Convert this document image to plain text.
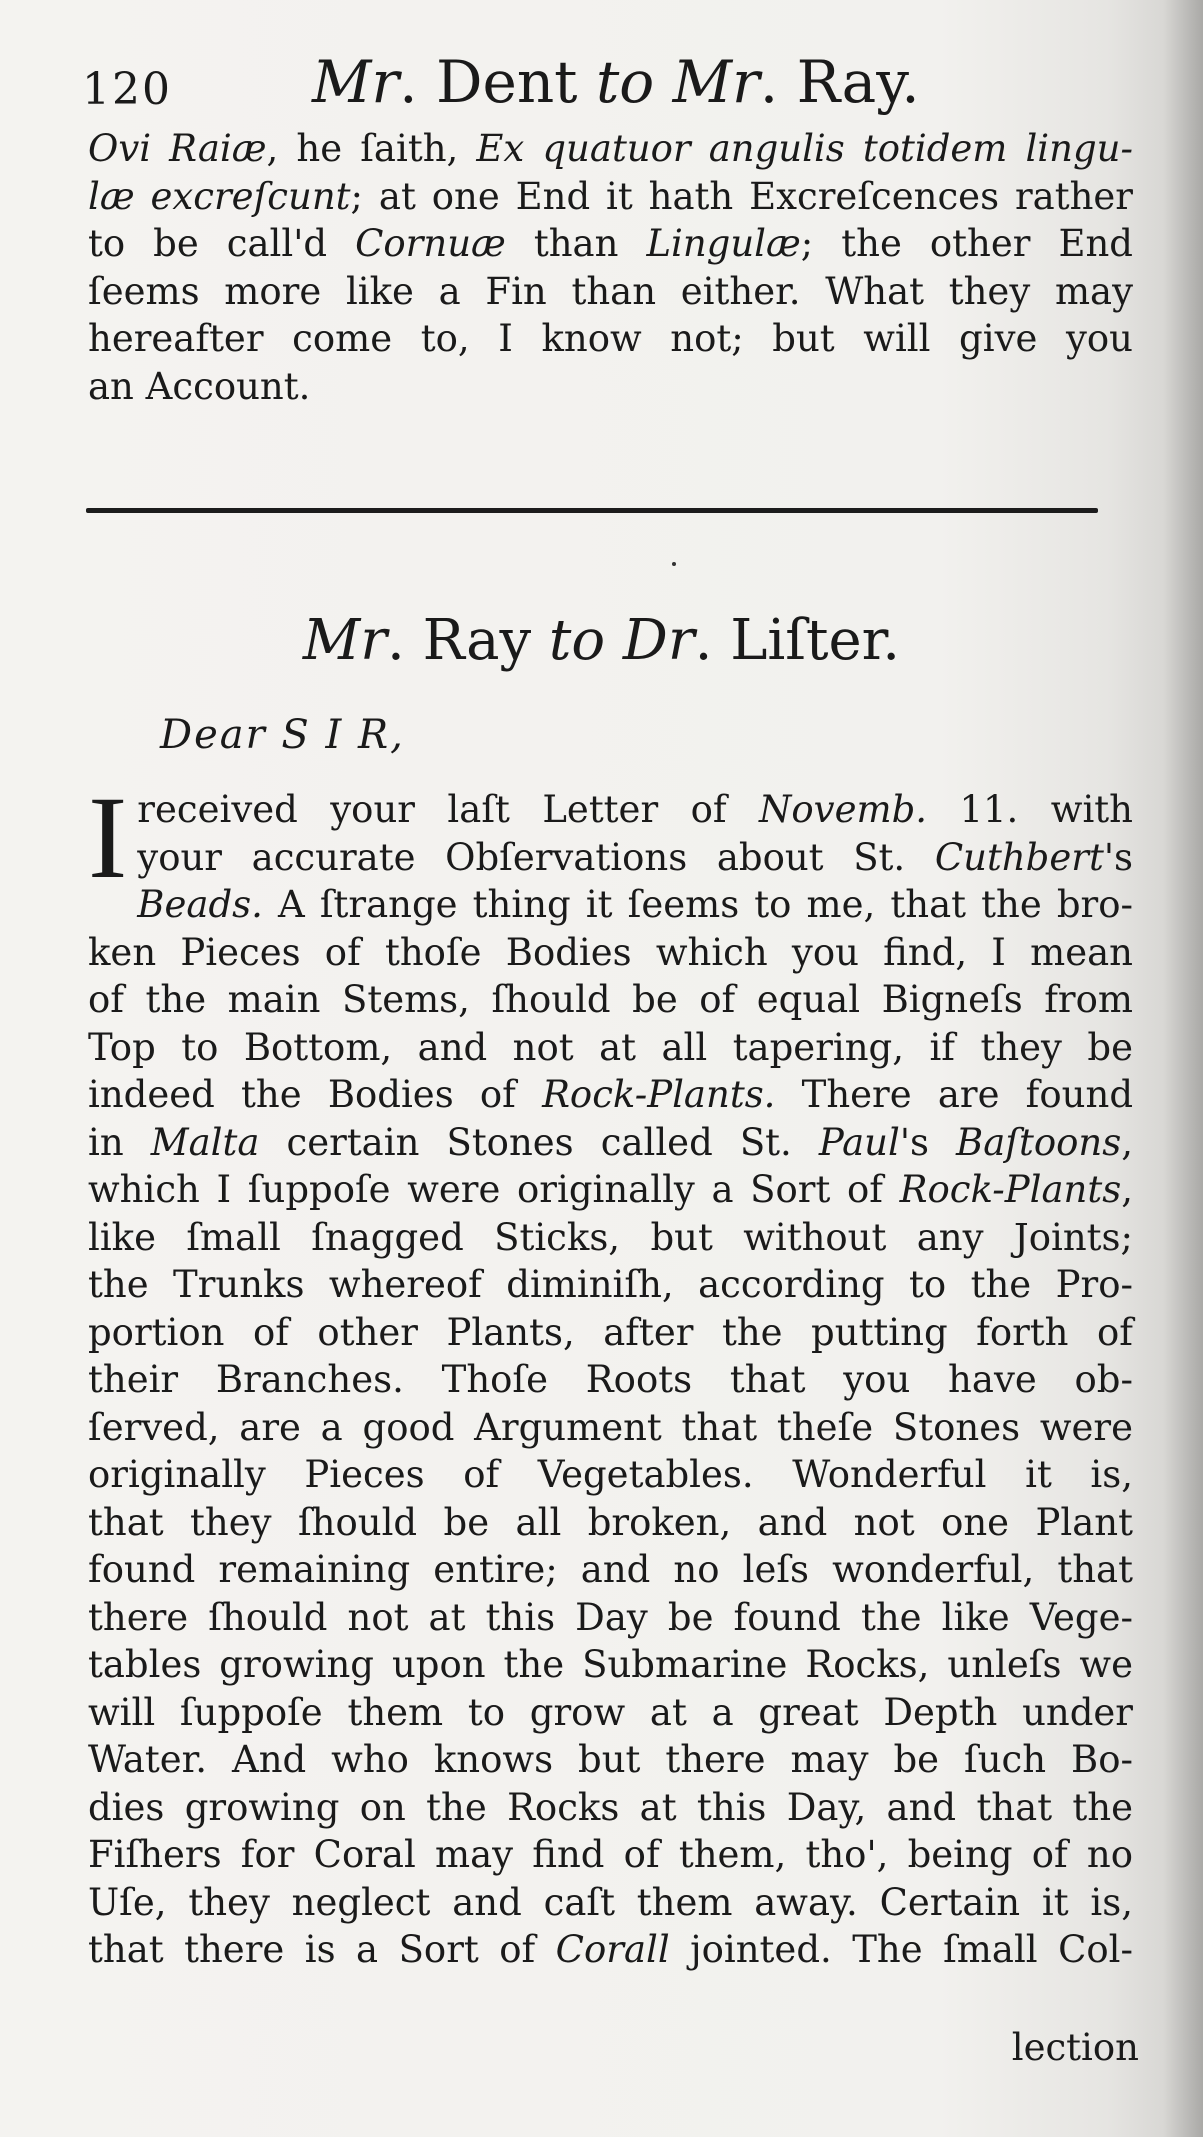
120 Mr. Dent to Mr. Ray.
Ovi Raiæ, he ſaith, Ex quatuor angulis totidem lingu-
læ excreſcunt; at one End it hath Excreſcences rather
to be call'd Cornuæ than Lingulæ; the other End
ſeems more like a Fin than either. What they may
hereafter come to, I know not; but will give you
an Account.
Mr. Ray to Dr. Liſter.
Dear S I R,
I received your laſt Letter of Novemb. 11. with
your accurate Obſervations about St. Cuthbert's
Beads. A ſtrange thing it ſeems to me, that the bro-
ken Pieces of thoſe Bodies which you find, I mean
of the main Stems, ſhould be of equal Bigneſs from
Top to Bottom, and not at all tapering, if they be
indeed the Bodies of Rock-Plants. There are found
in Malta certain Stones called St. Paul's Baſtoons,
which I ſuppoſe were originally a Sort of Rock-Plants,
like ſmall ſnagged Sticks, but without any Joints;
the Trunks whereof diminiſh, according to the Pro-
portion of other Plants, after the putting forth of
their Branches. Thoſe Roots that you have ob-
ſerved, are a good Argument that theſe Stones were
originally Pieces of Vegetables. Wonderful it is,
that they ſhould be all broken, and not one Plant
found remaining entire; and no leſs wonderful, that
there ſhould not at this Day be found the like Vege-
tables growing upon the Submarine Rocks, unleſs we
will ſuppoſe them to grow at a great Depth under
Water. And who knows but there may be ſuch Bo-
dies growing on the Rocks at this Day, and that the
Fiſhers for Coral may find of them, tho', being of no
Uſe, they neglect and caſt them away. Certain it is,
that there is a Sort of Corall jointed. The ſmall Col-
lection
